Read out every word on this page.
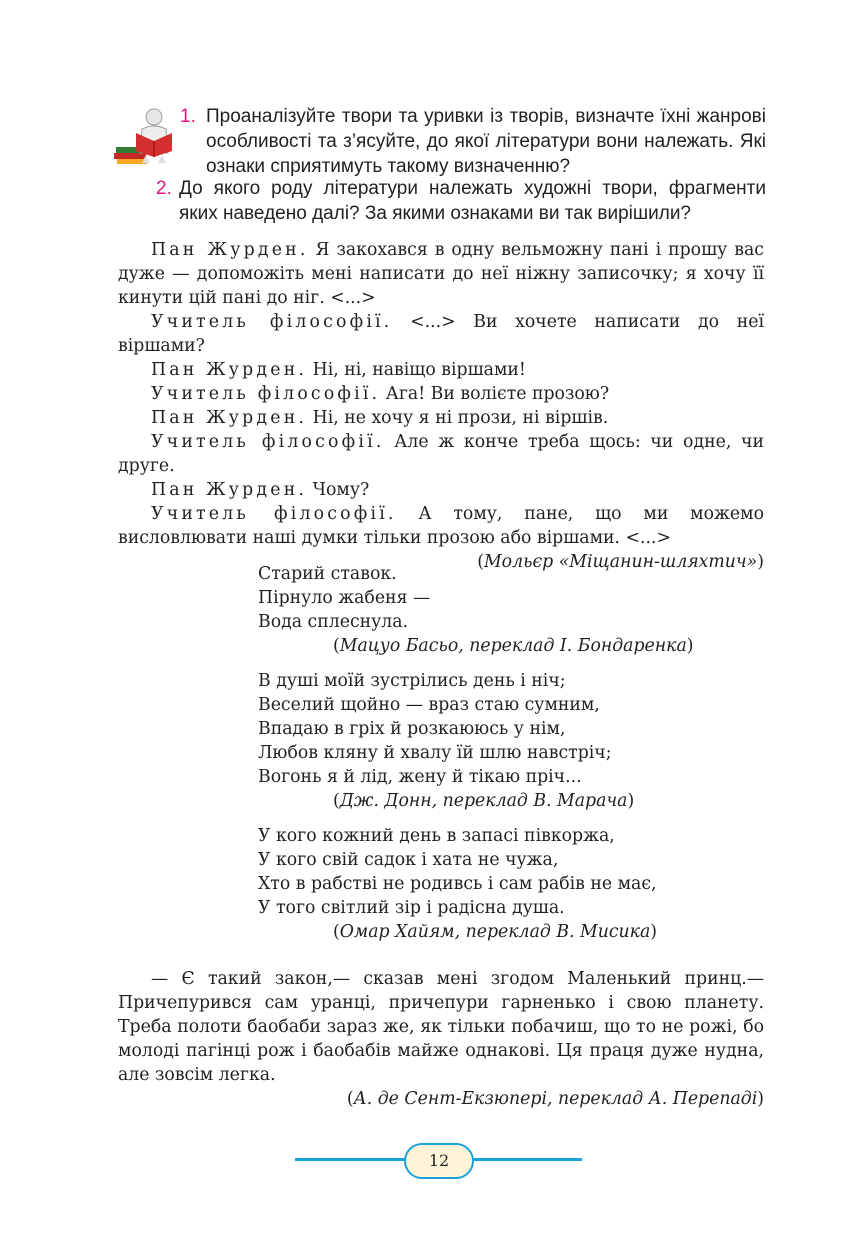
1. Проаналізуйте твори та уривки із творів, визначте їхні жанрові особливості та з’ясуйте, до якої літератури вони належать. Які ознаки сприятимуть такому визначенню?
2. До якого роду літератури належать художні твори, фрагменти яких наведено далі? За якими ознаками ви так вирішили?

Пан Журден. Я закохався в одну вельможну пані і прошу вас дуже — допоможіть мені написати до неї ніжну записочку; я хочу її кинути цій пані до ніг. <...>

Учитель філософії. <...> Ви хочете написати до неї віршами?

Пан Журден. Ні, ні, навіщо віршами!

Учитель філософії. Ага! Ви волієте прозою?

Пан Журден. Ні, не хочу я ні прози, ні віршів.

Учитель філософії. Але ж конче треба щось: чи одне, чи друге.

Пан Журден. Чому?

Учитель філософії. А тому, пане, що ми можемо висловлювати наші думки тільки прозою або віршами. <...>

(Мольєр «Міщанин-шляхтич»)
Старий ставок.
Пірнуло жабеня —
Вода сплеснула.
(Мацуо Басьо, переклад І. Бондаренка)
В душі моїй зустрілись день і ніч;
Веселий щойно — враз стаю сумним,
Впадаю в гріх й розкаююсь у нім,
Любов кляну й хвалу їй шлю навстріч;
Вогонь я й лід, жену й тікаю пріч...
(Дж. Донн, переклад В. Марача)
У кого кожний день в запасі півкоржа,
У кого свій садок і хата не чужа,
Хто в рабстві не родивсь і сам рабів не має,
У того світлий зір і радісна душа.
(Омар Хайям, переклад В. Мисика)

— Є такий закон,— сказав мені згодом Маленький принц.— Причепурився сам уранці, причепури гарненько і свою планету. Треба полоти баобаби зараз же, як тільки побачиш, що то не рожі, бо молоді пагінці рож і баобабів майже однакові. Ця праця дуже нудна, але зовсім легка.

(А. де Сент-Екзюпері, переклад А. Перепаді)
12
